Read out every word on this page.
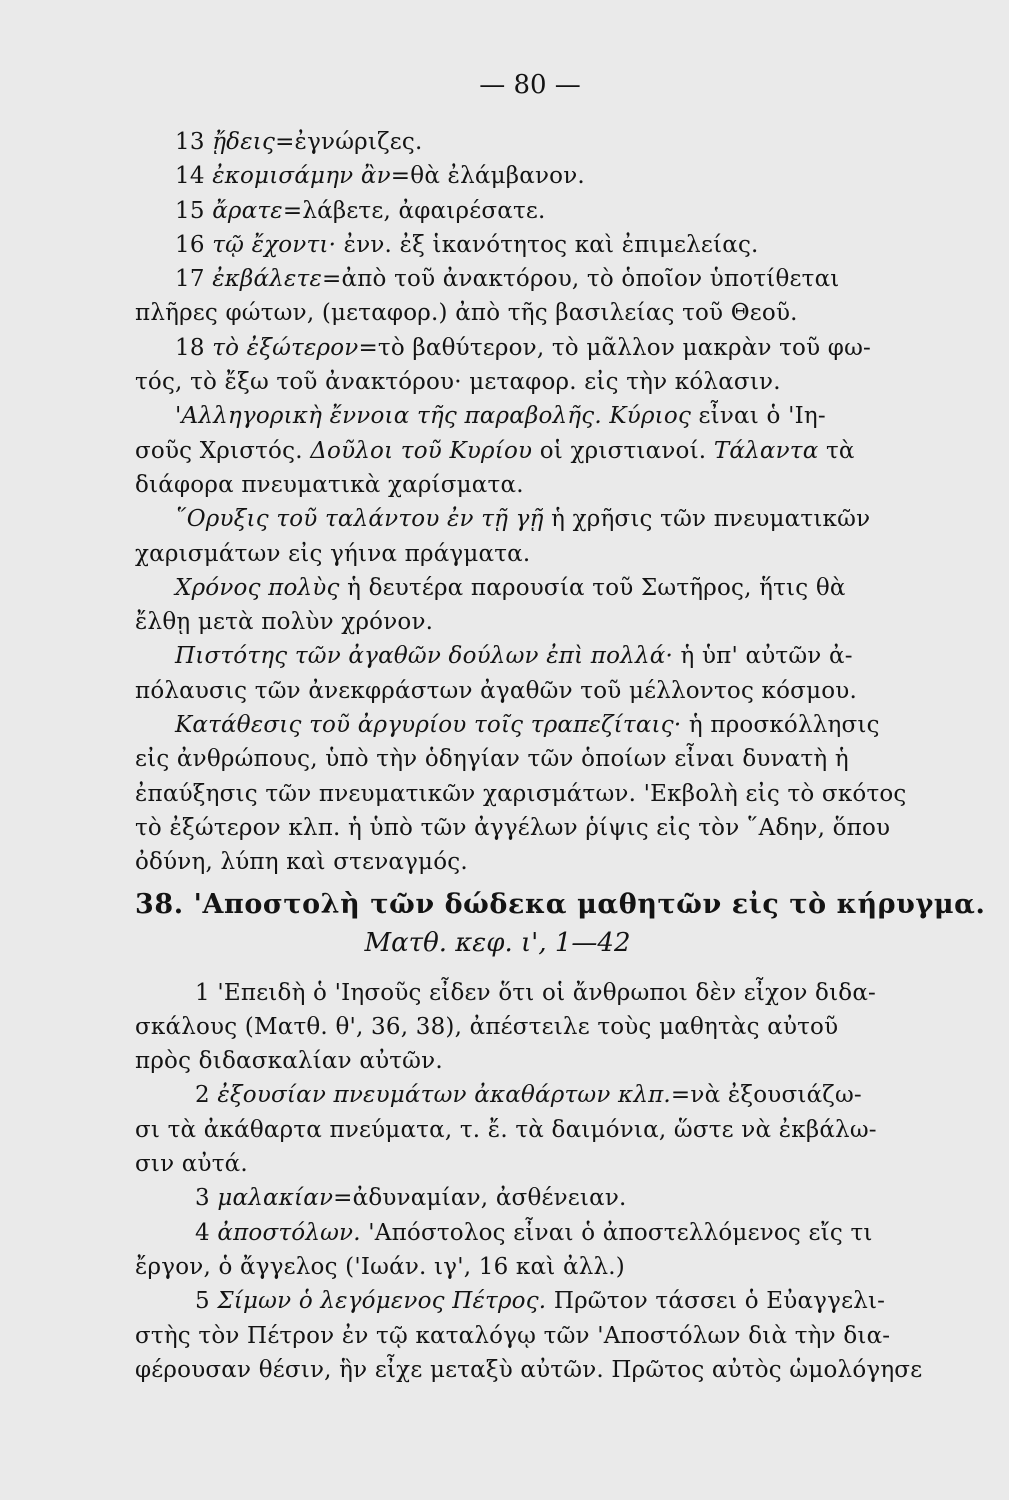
— 80 —
13 ᾔδεις=ἐγνώριζες.
14 ἐκομισάμην ἂν=θὰ ἐλάμβανον.
15 ἄρατε=λάβετε, ἀφαιρέσατε.
16 τῷ ἔχοντι· ἐνν. ἐξ ἱκανότητος καὶ ἐπιμελείας.
17 ἐκβάλετε=ἀπὸ τοῦ ἀνακτόρου, τὸ ὁποῖον ὑποτίθεται
πλῆρες φώτων, (μεταφορ.) ἀπὸ τῆς βασιλείας τοῦ Θεοῦ.
18 τὸ ἐξώτερον=τὸ βαθύτερον, τὸ μᾶλλον μακρὰν τοῦ φω-
τός, τὸ ἔξω τοῦ ἀνακτόρου· μεταφορ. εἰς τὴν κόλασιν.
'Αλληγορικὴ ἔννοια τῆς παραβολῆς. Κύριος εἶναι ὁ 'Ιη-
σοῦς Χριστός. Δοῦλοι τοῦ Κυρίου οἱ χριστιανοί. Τάλαντα τὰ
διάφορα πνευματικὰ χαρίσματα.
῞Ορυξις τοῦ ταλάντου ἐν τῇ γῇ ἡ χρῆσις τῶν πνευματικῶν
χαρισμάτων εἰς γήινα πράγματα.
Χρόνος πολὺς ἡ δευτέρα παρουσία τοῦ Σωτῆρος, ἥτις θὰ
ἔλθῃ μετὰ πολὺν χρόνον.
Πιστότης τῶν ἀγαθῶν δούλων ἐπὶ πολλά· ἡ ὑπ' αὐτῶν ἀ-
πόλαυσις τῶν ἀνεκφράστων ἀγαθῶν τοῦ μέλλοντος κόσμου.
Κατάθεσις τοῦ ἀργυρίου τοῖς τραπεζίταις· ἡ προσκόλλησις
εἰς ἀνθρώπους, ὑπὸ τὴν ὁδηγίαν τῶν ὁποίων εἶναι δυνατὴ ἡ
ἐπαύξησις τῶν πνευματικῶν χαρισμάτων. 'Εκβολὴ εἰς τὸ σκότος
τὸ ἐξώτερον κλπ. ἡ ὑπὸ τῶν ἀγγέλων ῥίψις εἰς τὸν ῞Αδην, ὅπου
ὀδύνη, λύπη καὶ στεναγμός.
38. 'Αποστολὴ τῶν δώδεκα μαθητῶν εἰς τὸ κήρυγμα.
Ματθ. κεφ. ι', 1—42
1 'Επειδὴ ὁ 'Ιησοῦς εἶδεν ὅτι οἱ ἄνθρωποι δὲν εἶχον διδα-
σκάλους (Ματθ. θ', 36, 38), ἀπέστειλε τοὺς μαθητὰς αὐτοῦ
πρὸς διδασκαλίαν αὐτῶν.
2 ἐξουσίαν πνευμάτων ἀκαθάρτων κλπ.=νὰ ἐξουσιάζω-
σι τὰ ἀκάθαρτα πνεύματα, τ. ἔ. τὰ δαιμόνια, ὥστε νὰ ἐκβάλω-
σιν αὐτά.
3 μαλακίαν=ἀδυναμίαν, ἀσθένειαν.
4 ἀποστόλων. 'Απόστολος εἶναι ὁ ἀποστελλόμενος εἴς τι
ἔργον, ὁ ἄγγελος ('Ιωάν. ιγ', 16 καὶ ἀλλ.)
5 Σίμων ὁ λεγόμενος Πέτρος. Πρῶτον τάσσει ὁ Εὐαγγελι-
στὴς τὸν Πέτρον ἐν τῷ καταλόγῳ τῶν 'Αποστόλων διὰ τὴν δια-
φέρουσαν θέσιν, ἣν εἶχε μεταξὺ αὐτῶν. Πρῶτος αὐτὸς ὡμολόγησε
